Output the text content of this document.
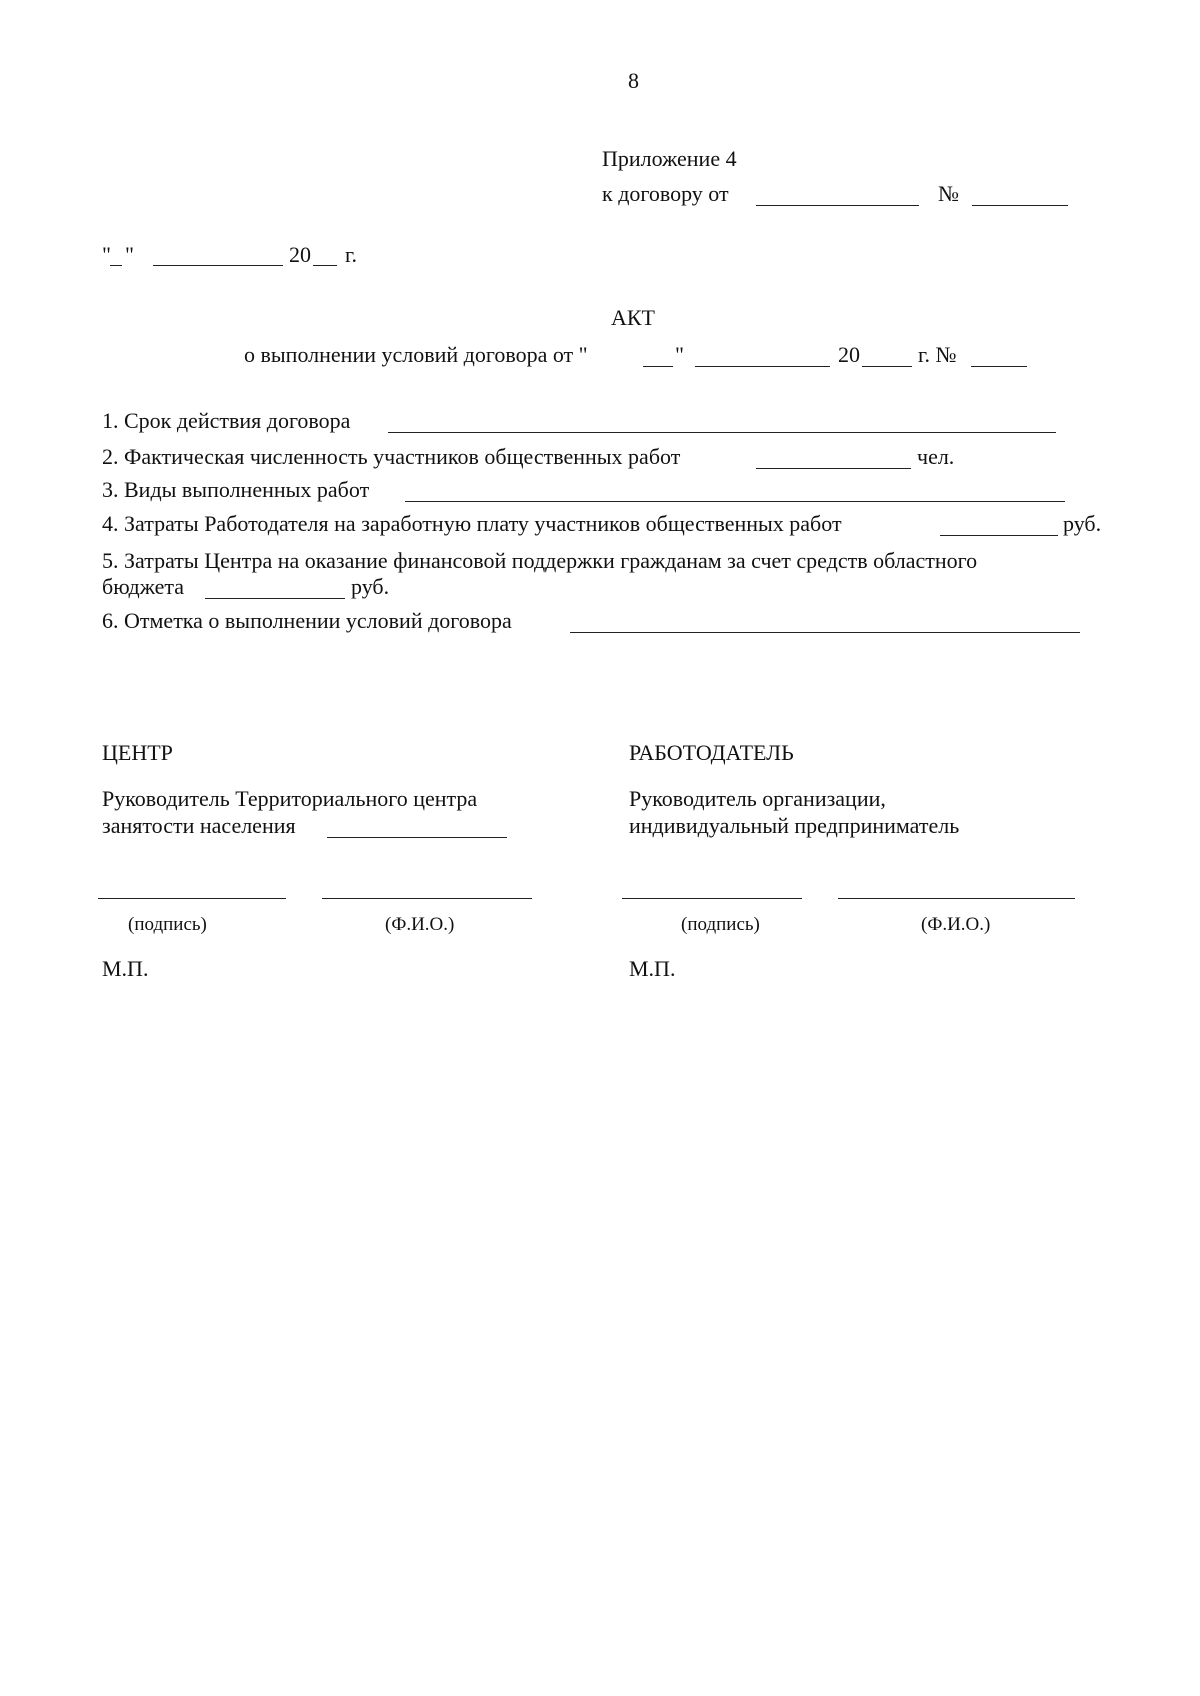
8
Приложение 4
к договору от	№
" "	20 г.
АКТ
о выполнении условий договора от "	"	20	г. №
1. Срок действия договора
2. Фактическая численность участников общественных работ	чел.
3. Виды выполненных работ
4. Затраты Работодателя на заработную плату участников общественных работ	руб.
5. Затраты Центра на оказание финансовой поддержки гражданам за счет средств областного
бюджета	руб.
6. Отметка о выполнении условий договора
ЦЕНТР
Руководитель Территориального центра
занятости населения
(подпись)	(Ф.И.О.)
М.П.
РАБОТОДАТЕЛЬ
Руководитель организации,
индивидуальный предприниматель
(подпись)	(Ф.И.О.)
М.П.
